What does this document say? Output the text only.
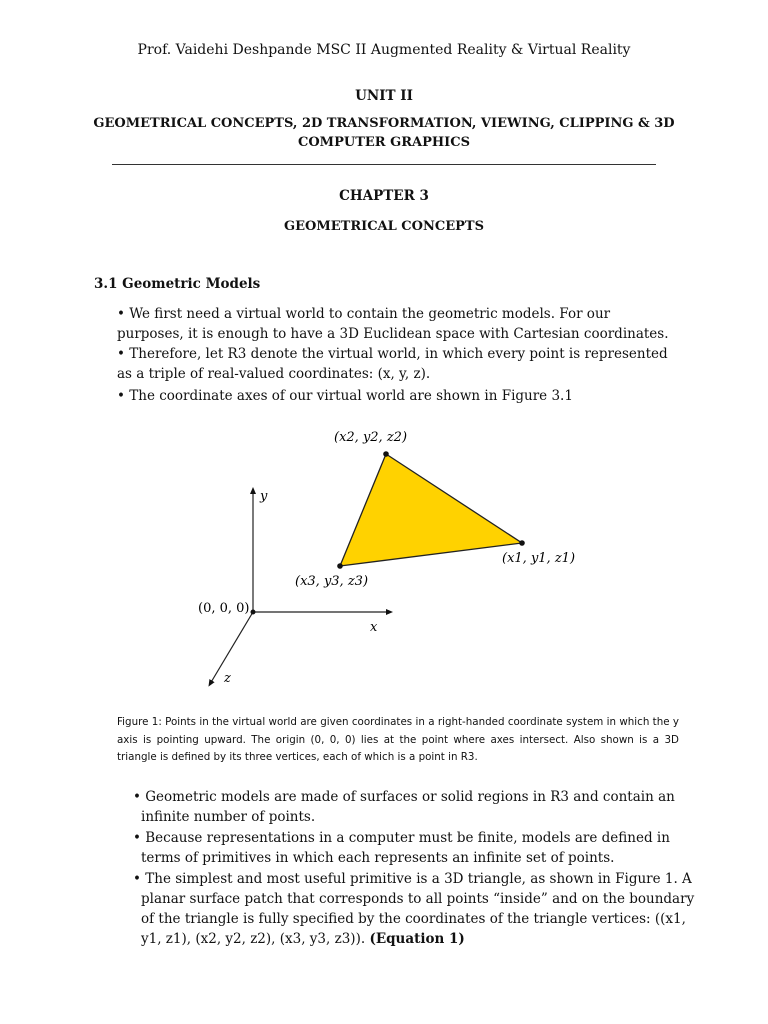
Prof. Vaidehi Deshpande MSC II Augmented Reality & Virtual Reality
UNIT II
GEOMETRICAL CONCEPTS, 2D TRANSFORMATION, VIEWING, CLIPPING & 3D COMPUTER GRAPHICS
CHAPTER 3
GEOMETRICAL CONCEPTS
3.1 Geometric Models
• We first need a virtual world to contain the geometric models. For our purposes, it is enough to have a 3D Euclidean space with Cartesian coordinates. • Therefore, let R3 denote the virtual world, in which every point is represented as a triple of real-valued coordinates: (x, y, z).
• The coordinate axes of our virtual world are shown in Figure 3.1
(x2, y2, z2)
(x1, y1, z1)
(x3, y3, z3)
(0, 0, 0)
y
x
z
Figure 1: Points in the virtual world are given coordinates in a right-handed coordinate system in which the y axis is pointing upward. The origin (0, 0, 0) lies at the point where axes intersect. Also shown is a 3D triangle is defined by its three vertices, each of which is a point in R3.
• Geometric models are made of surfaces or solid regions in R3 and contain an infinite number of points.
• Because representations in a computer must be finite, models are defined in terms of primitives in which each represents an infinite set of points.
• The simplest and most useful primitive is a 3D triangle, as shown in Figure 1. A planar surface patch that corresponds to all points “inside” and on the boundary of the triangle is fully specified by the coordinates of the triangle vertices: ((x1, y1, z1), (x2, y2, z2), (x3, y3, z3)). (Equation 1)
